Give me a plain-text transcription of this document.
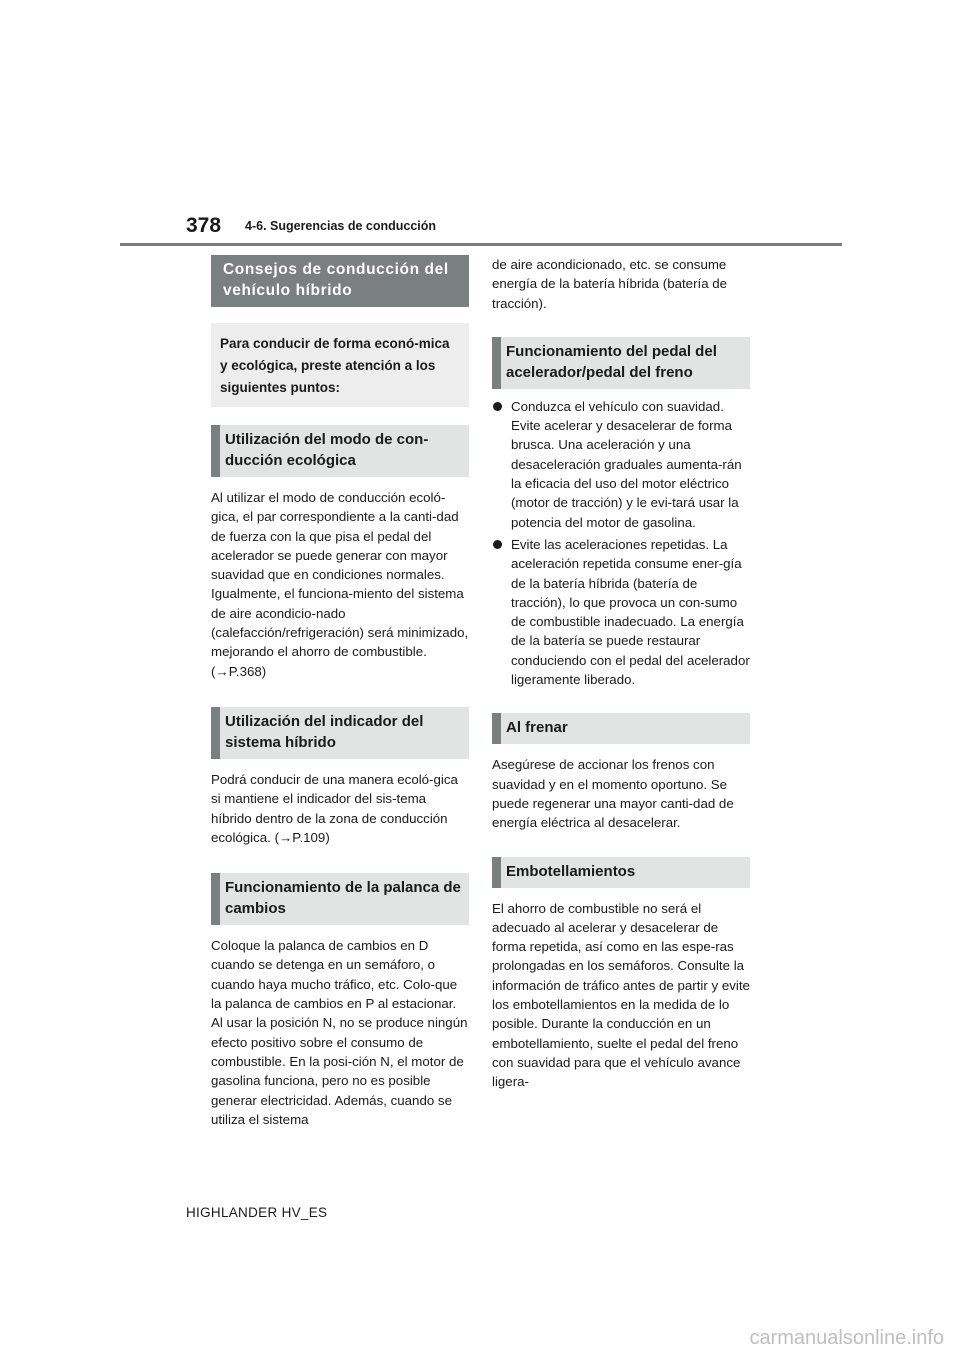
378 4-6. Sugerencias de conducción
Consejos de conducción del vehículo híbrido
Para conducir de forma econó-mica y ecológica, preste atención a los siguientes puntos:
Utilización del modo de con-ducción ecológica

Al utilizar el modo de conducción ecoló-gica, el par correspondiente a la canti-dad de fuerza con la que pisa el pedal del acelerador se puede generar con mayor suavidad que en condiciones normales. Igualmente, el funciona-miento del sistema de aire acondicio-nado (calefacción/refrigeración) será minimizado, mejorando el ahorro de combustible. (→P.368)

Utilización del indicador del sistema híbrido

Podrá conducir de una manera ecoló-gica si mantiene el indicador del sis-tema híbrido dentro de la zona de conducción ecológica. (→P.109)

Funcionamiento de la palanca de cambios

Coloque la palanca de cambios en D cuando se detenga en un semáforo, o cuando haya mucho tráfico, etc. Colo-que la palanca de cambios en P al estacionar. Al usar la posición N, no se produce ningún efecto positivo sobre el consumo de combustible. En la posi-ción N, el motor de gasolina funciona, pero no es posible generar electricidad. Además, cuando se utiliza el sistema

de aire acondicionado, etc. se consume energía de la batería híbrida (batería de tracción).

Funcionamiento del pedal del acelerador/pedal del freno
Conduzca el vehículo con suavidad. Evite acelerar y desacelerar de forma brusca. Una aceleración y una desaceleración graduales aumenta-rán la eficacia del uso del motor eléctrico (motor de tracción) y le evi-tará usar la potencia del motor de gasolina.
Evite las aceleraciones repetidas. La aceleración repetida consume ener-gía de la batería híbrida (batería de tracción), lo que provoca un con-sumo de combustible inadecuado. La energía de la batería se puede restaurar conduciendo con el pedal del acelerador ligeramente liberado.
Al frenar

Asegúrese de accionar los frenos con suavidad y en el momento oportuno. Se puede regenerar una mayor canti-dad de energía eléctrica al desacelerar.

Embotellamientos

El ahorro de combustible no será el adecuado al acelerar y desacelerar de forma repetida, así como en las espe-ras prolongadas en los semáforos. Consulte la información de tráfico antes de partir y evite los embotellamientos en la medida de lo posible. Durante la conducción en un embotellamiento, suelte el pedal del freno con suavidad para que el vehículo avance ligera-

HIGHLANDER HV_ES
carmanualsonline.info
